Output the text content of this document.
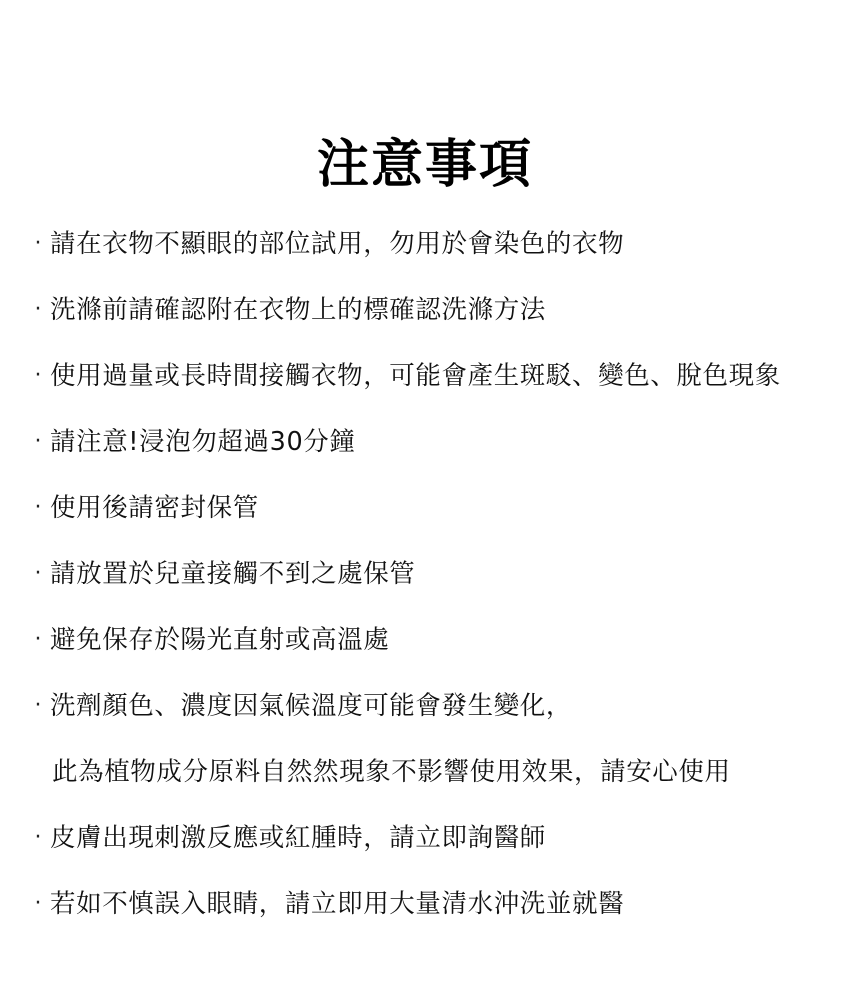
注意事項
· 請在衣物不顯眼的部位試用，勿用於會染色的衣物
· 洗滌前請確認附在衣物上的標確認洗滌方法
· 使用過量或長時間接觸衣物，可能會產生斑駁、變色、脫色現象
· 請注意!浸泡勿超過30分鐘
· 使用後請密封保管
· 請放置於兒童接觸不到之處保管
· 避免保存於陽光直射或高溫處
· 洗劑顏色、濃度因氣候溫度可能會發生變化，
此為植物成分原料自然然現象不影響使用效果，請安心使用
· 皮膚出現刺激反應或紅腫時，請立即詢醫師
· 若如不慎誤入眼睛，請立即用大量清水沖洗並就醫
